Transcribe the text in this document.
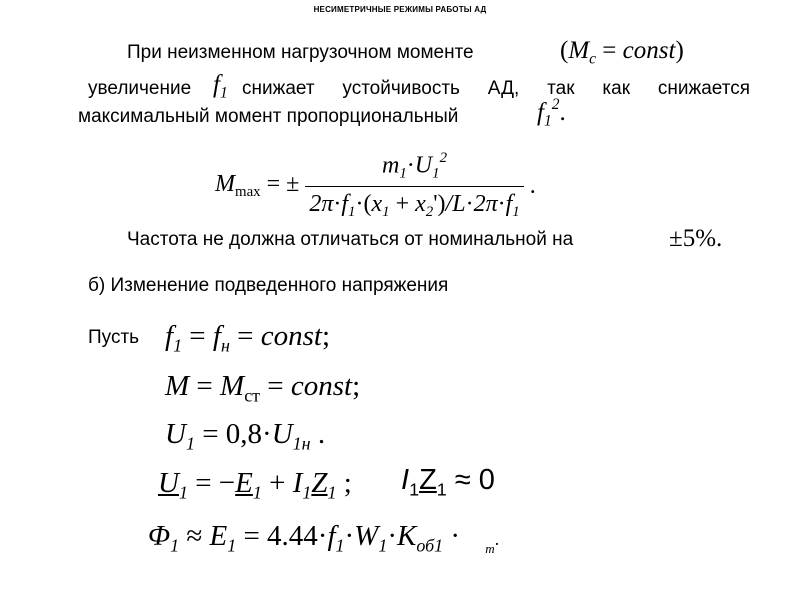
НЕСИМЕТРИЧНЫЕ РЕЖИМЫ РАБОТЫ АД
При неизменном нагрузочном моменте	($M_c$ = const)
увеличение $f_1$ снижает устойчивость АД, так как снижается
максимальный момент пропорциональный	$f_1^2$.
$M_{max}$ = ± $\frac{m_1\cdot U_1^2}{2\pi\cdot f_1\cdot(x_1 + x_2')/L\cdot 2\pi\cdot f_1}$ .
Частота не должна отличаться от номинальной на	±5%.
б) Изменение подведенного напряжения
Пусть $f_1 = f_н$ = const;
$M = M_{ст}$ = const;
$U_1 = 0,8\cdot U_{1н}$ .
$U_1 = -E_1 + I_1Z_1$ ; $I_1Z_1 \approx 0$
$\Phi_1 \approx E_1 = 4.44\cdot f_1\cdot W_1\cdot K_{об1} \cdot _m$.
